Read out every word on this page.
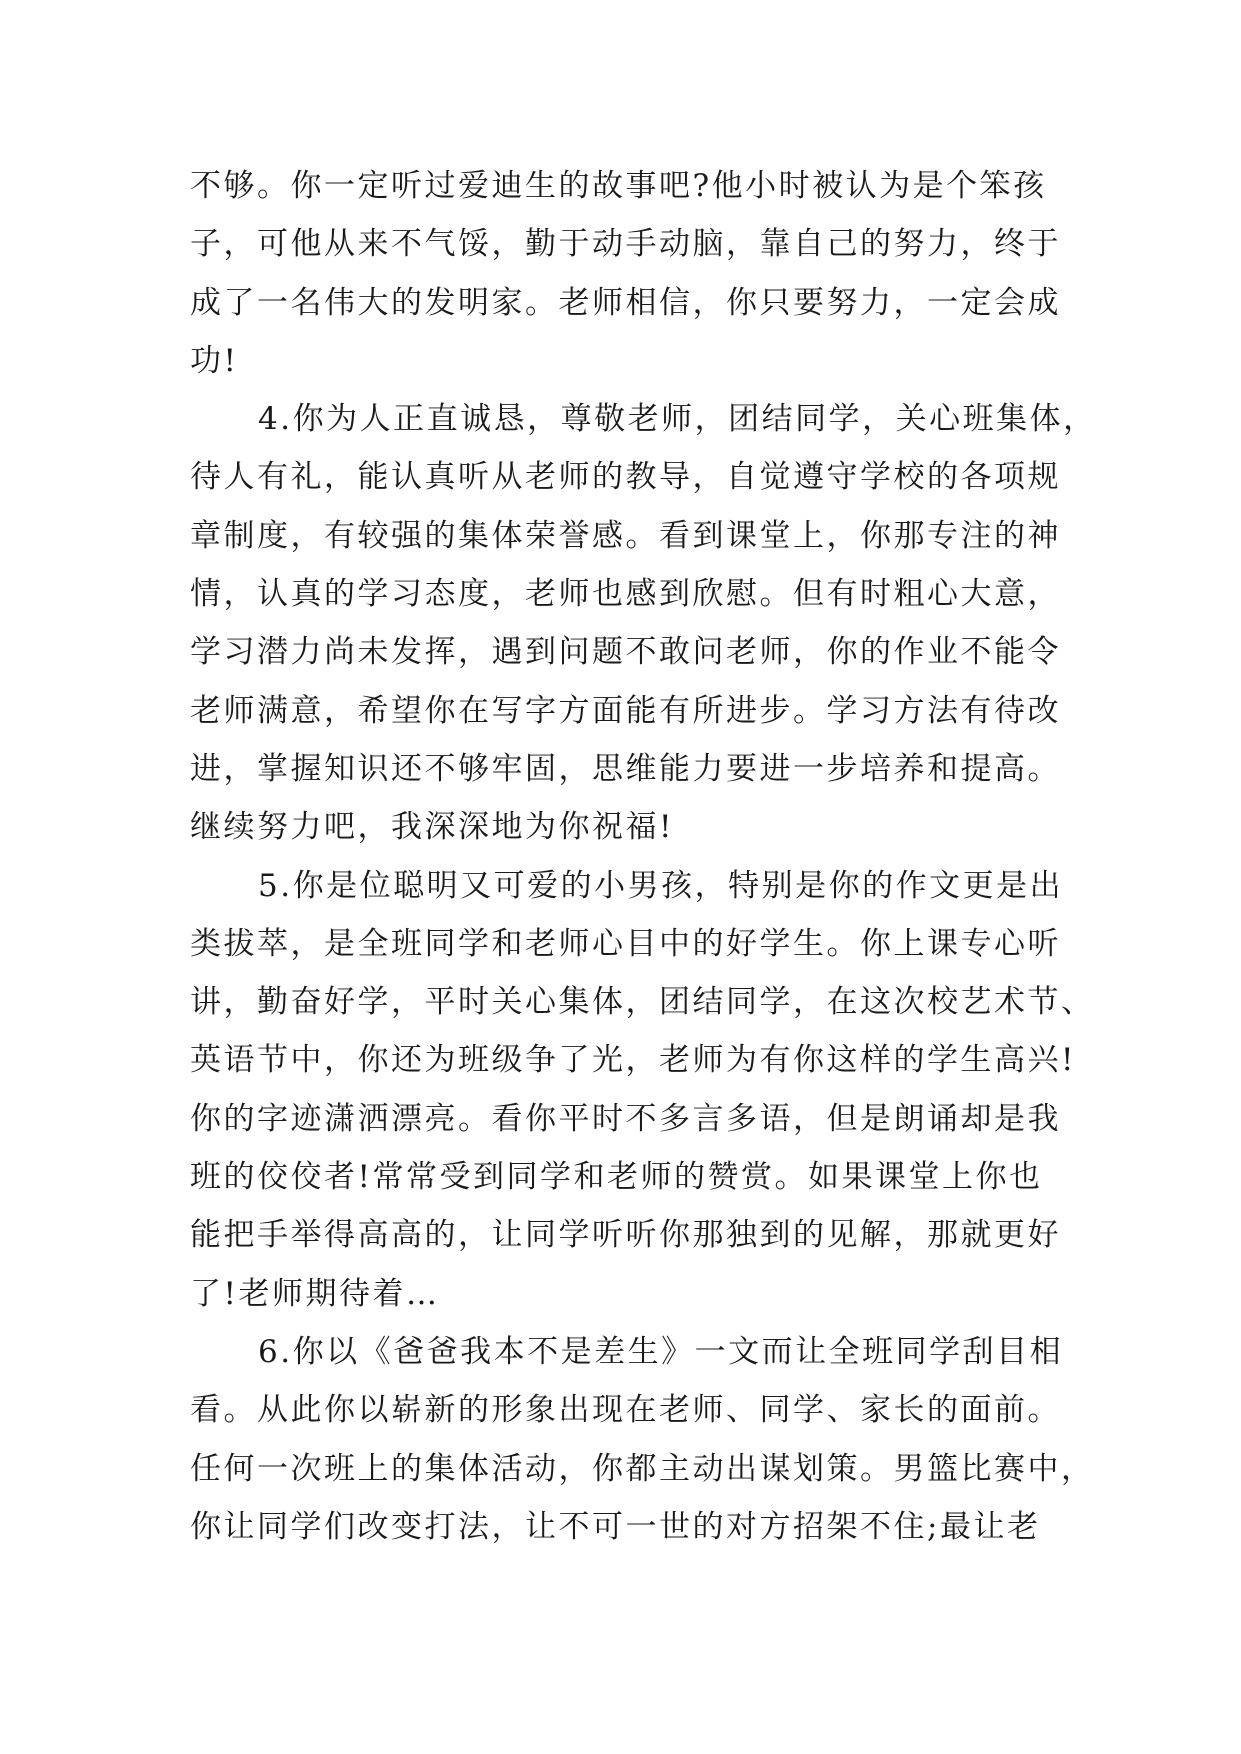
不够。你一定听过爱迪生的故事吧?他小时被认为是个笨孩
子，可他从来不气馁，勤于动手动脑，靠自己的努力，终于
成了一名伟大的发明家。老师相信，你只要努力，一定会成
功!
4.你为人正直诚恳，尊敬老师，团结同学，关心班集体，
待人有礼，能认真听从老师的教导，自觉遵守学校的各项规
章制度，有较强的集体荣誉感。看到课堂上，你那专注的神
情，认真的学习态度，老师也感到欣慰。但有时粗心大意，
学习潜力尚未发挥，遇到问题不敢问老师，你的作业不能令
老师满意，希望你在写字方面能有所进步。学习方法有待改
进，掌握知识还不够牢固，思维能力要进一步培养和提高。
继续努力吧，我深深地为你祝福!
5.你是位聪明又可爱的小男孩，特别是你的作文更是出
类拔萃，是全班同学和老师心目中的好学生。你上课专心听
讲，勤奋好学，平时关心集体，团结同学，在这次校艺术节、
英语节中，你还为班级争了光，老师为有你这样的学生高兴!
你的字迹潇洒漂亮。看你平时不多言多语，但是朗诵却是我
班的佼佼者!常常受到同学和老师的赞赏。如果课堂上你也
能把手举得高高的，让同学听听你那独到的见解，那就更好
了!老师期待着…
6.你以《爸爸我本不是差生》一文而让全班同学刮目相
看。从此你以崭新的形象出现在老师、同学、家长的面前。
任何一次班上的集体活动，你都主动出谋划策。男篮比赛中，
你让同学们改变打法，让不可一世的对方招架不住;最让老
